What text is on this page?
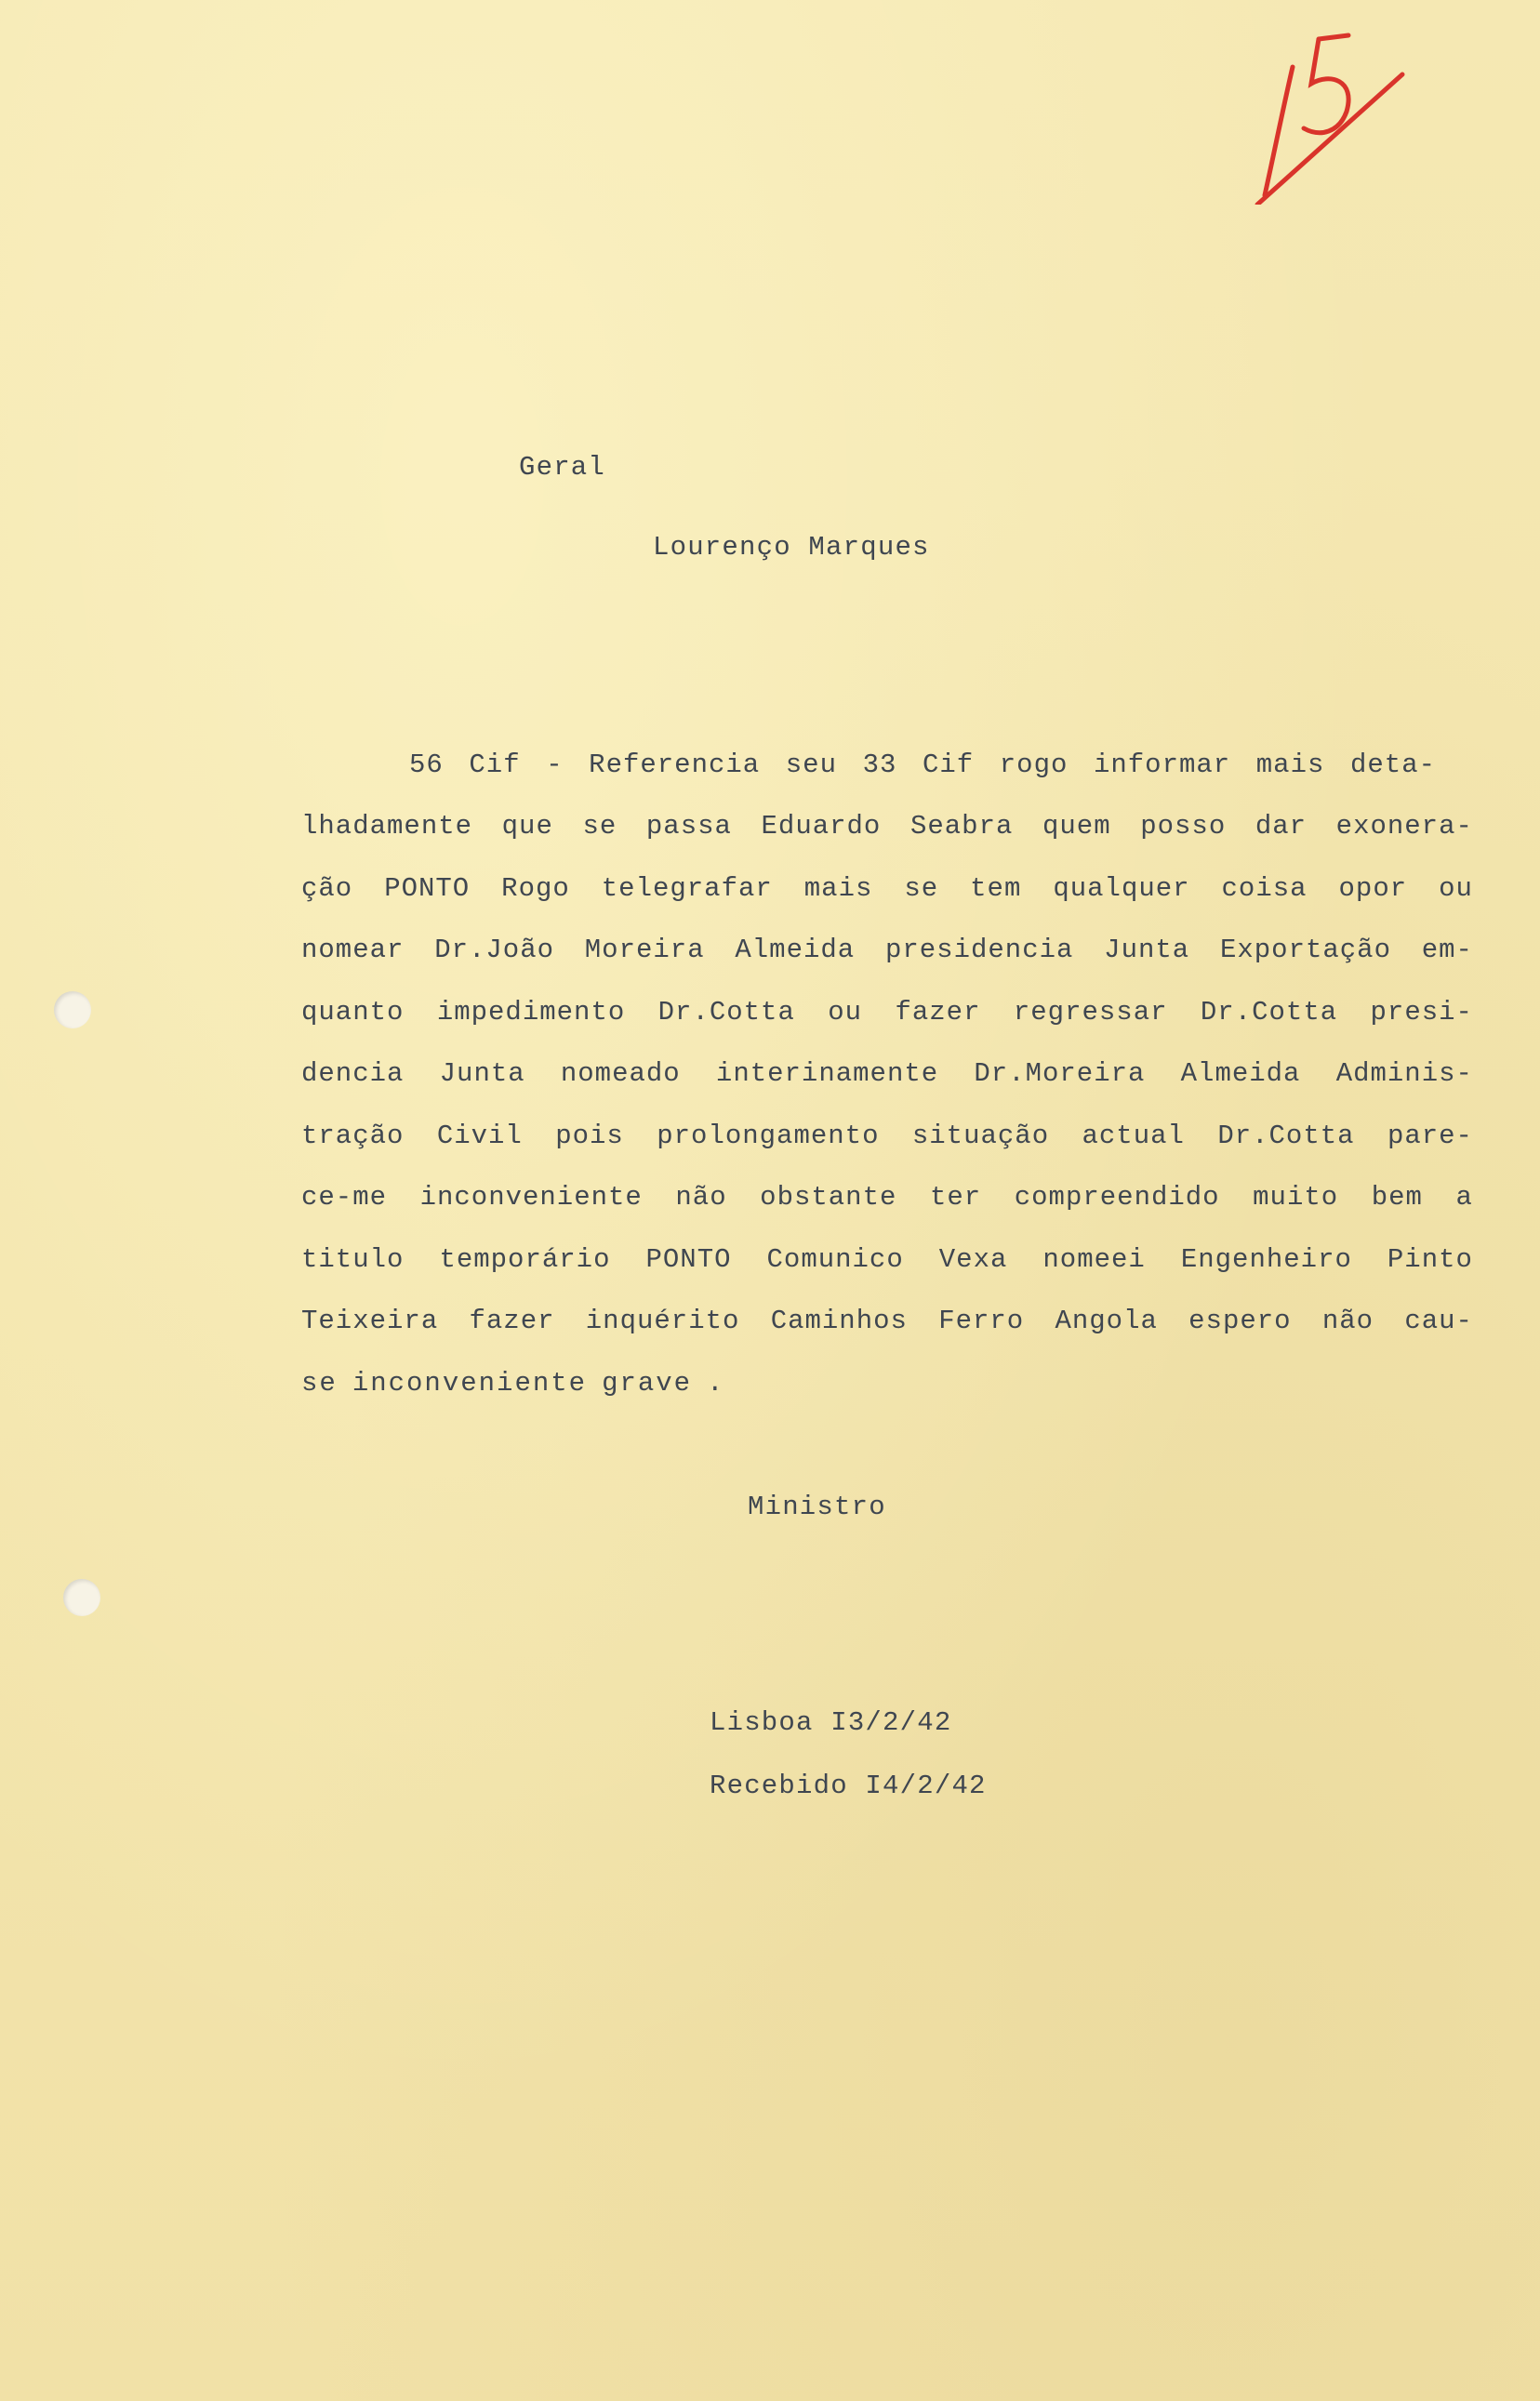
Geral
Lourenço Marques
56 Cif - Referencia seu 33 Cif rogo informar mais deta-
lhadamente que se passa Eduardo Seabra quem posso dar exonera-
ção PONTO Rogo telegrafar mais se tem qualquer coisa opor ou
nomear Dr.João Moreira Almeida presidencia Junta Exportação em-
quanto impedimento Dr.Cotta ou fazer regressar Dr.Cotta presi-
dencia Junta nomeado interinamente Dr.Moreira Almeida Adminis-
tração Civil pois prolongamento situação actual Dr.Cotta pare-
ce-me inconveniente não obstante ter compreendido muito bem a
titulo temporário PONTO Comunico Vexa nomeei Engenheiro Pinto
Teixeira fazer inquérito Caminhos Ferro Angola espero não cau-
se inconveniente grave .
Ministro
Lisboa I3/2/42
Recebido I4/2/42
